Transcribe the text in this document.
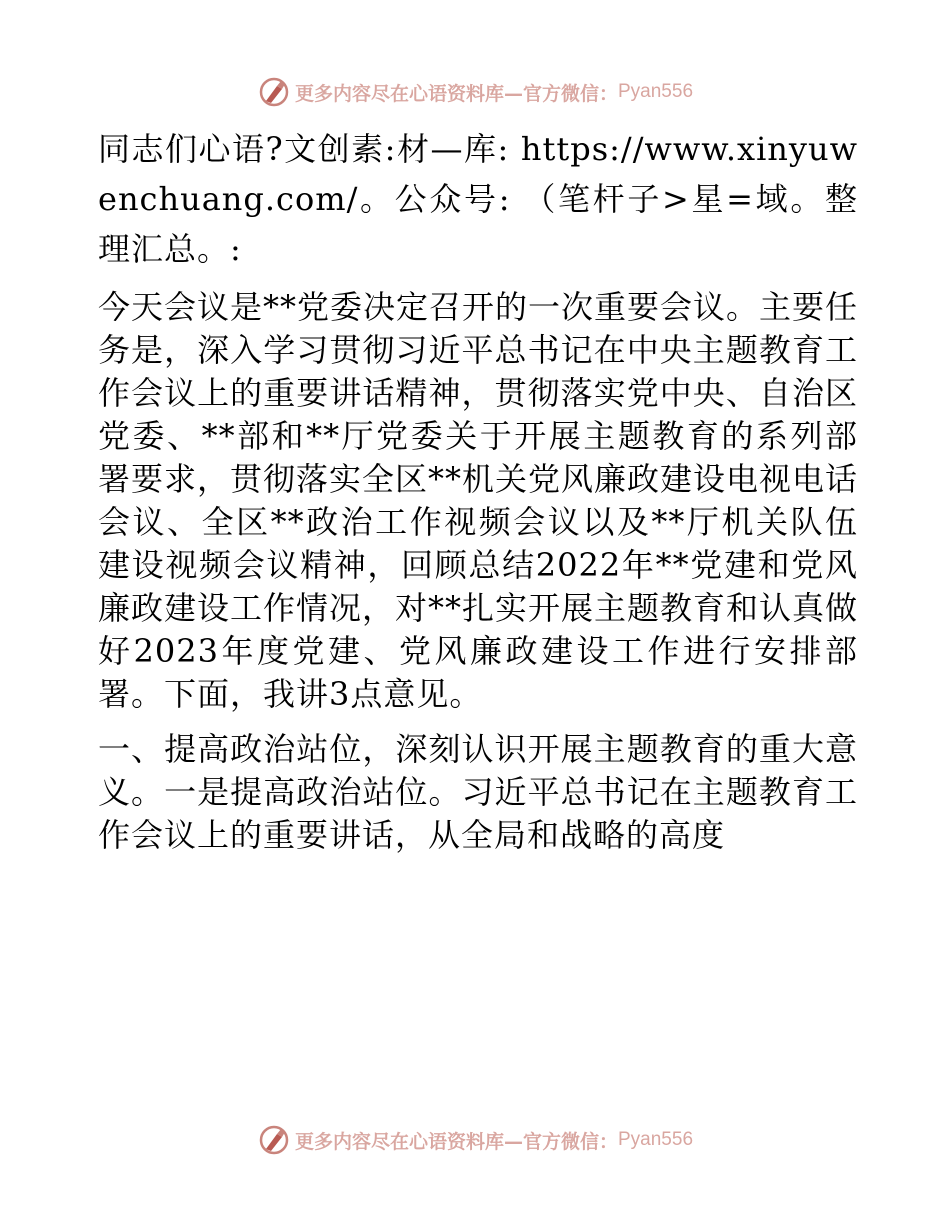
更多内容尽在心语资料库—官方微信： Pyan556

同志们心语?文创素:材—库: https://www.xinyuwenchuang.com/。公众号: （笔杆子>星=域。整理汇总。:

今天会议是**党委决定召开的一次重要会议。主要任务是，深入学习贯彻习近平总书记在中央主题教育工作会议上的重要讲话精神，贯彻落实党中央、自治区党委、**部和**厅党委关于开展主题教育的系列部署要求，贯彻落实全区**机关党风廉政建设电视电话会议、全区**政治工作视频会议以及**厅机关队伍建设视频会议精神，回顾总结2022年**党建和党风廉政建设工作情况，对**扎实开展主题教育和认真做好2023年度党建、党风廉政建设工作进行安排部署。下面，我讲3点意见。

一、提高政治站位，深刻认识开展主题教育的重大意义。一是提高政治站位。习近平总书记在主题教育工作会议上的重要讲话，从全局和战略的高度

更多内容尽在心语资料库—官方微信： Pyan556
